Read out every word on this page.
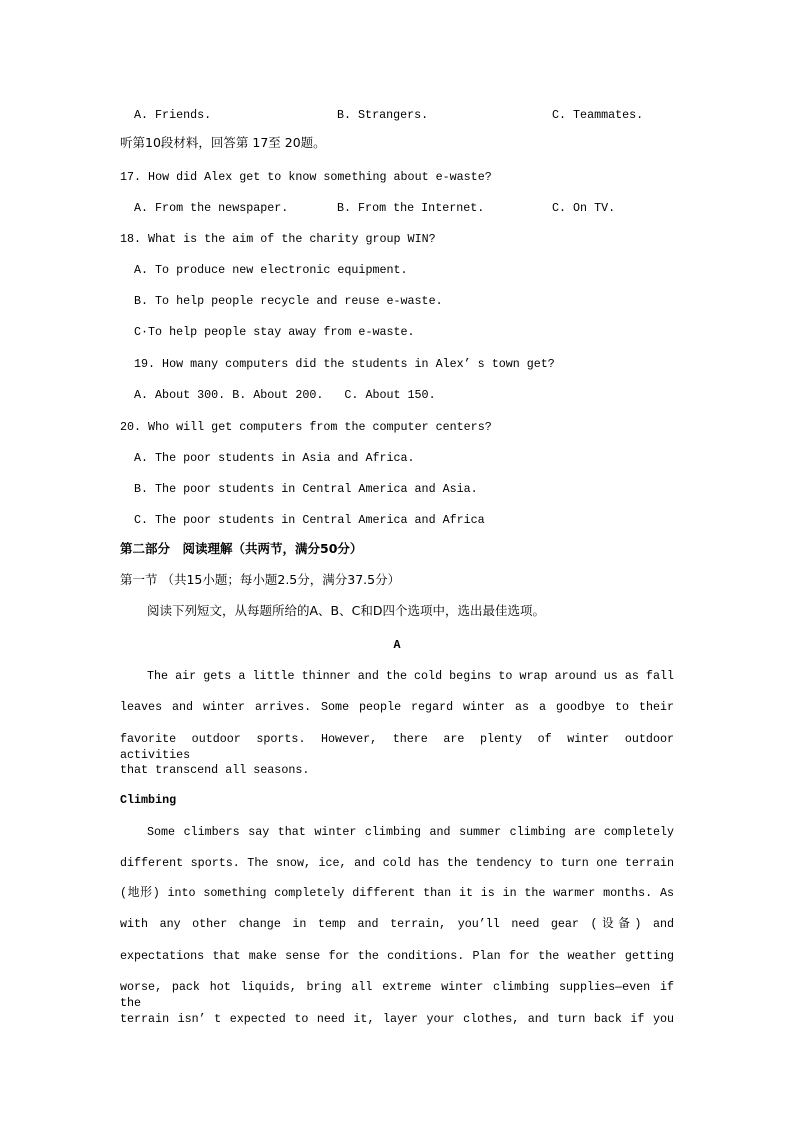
A. Friends.	B. Strangers.	C. Teammates.
听第10段材料，回答第 17至 20题。
17. How did Alex get to know something about e-waste?
A. From the newspaper.	B. From the Internet.	C. On TV.
18. What is the aim of the charity group WIN?
A. To produce new electronic equipment.
B. To help people recycle and reuse e-waste.
C·To help people stay away from e-waste.
19. How many computers did the students in Alex’ s town get?
A. About 300. B. About 200.   C. About 150.
20. Who will get computers from the computer centers?
A. The poor students in Asia and Africa.
B. The poor students in Central America and Asia.
C. The poor students in Central America and Africa
第二部分　阅读理解（共两节，满分50分）
第一节 （共15小题；每小题2.5分，满分37.5分）
阅读下列短文，从每题所给的A、B、C和D四个选项中，选出最佳选项。
A
The air gets a little thinner and the cold begins to wrap around us as fall
leaves and winter arrives. Some people regard winter as a goodbye to their
favorite outdoor sports. However, there are plenty of winter outdoor activities
that transcend all seasons.
Climbing
Some climbers say that winter climbing and summer climbing are completely
different sports. The snow, ice, and cold has the tendency to turn one terrain
(地形) into something completely different than it is in the warmer months. As
with any other change in temp and terrain, you’ll need gear (设备) and
expectations that make sense for the conditions. Plan for the weather getting
worse, pack hot liquids, bring all extreme winter climbing supplies—even if the
terrain isn’ t expected to need it, layer your clothes, and turn back if you
